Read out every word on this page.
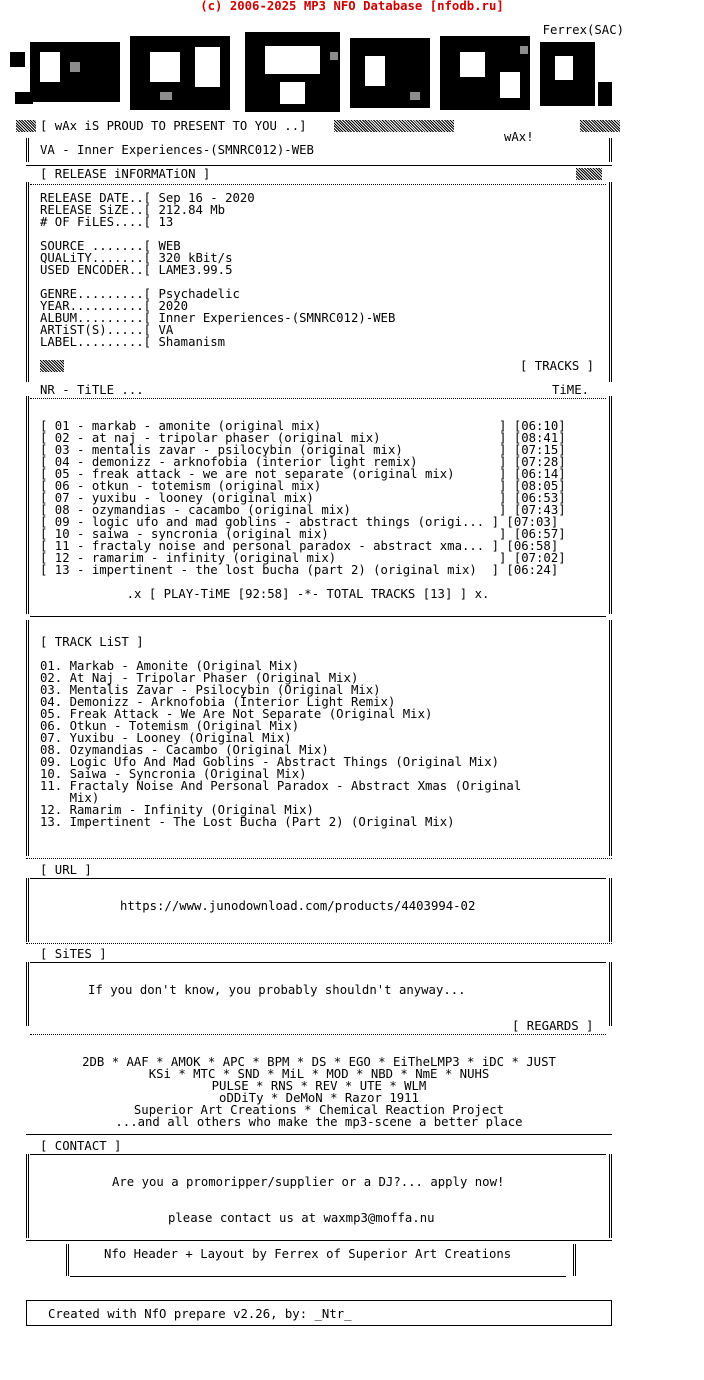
(c) 2006-2025 MP3 NFO Database [nfodb.ru]
Ferrex(SAC)
[ wAx iS PROUD TO PRESENT TO YOU ..]
wAx!
VA - Inner Experiences-(SMNRC012)-WEB
[ RELEASE iNFORMATiON ]
RELEASE DATE..[ Sep 16 - 2020
RELEASE SiZE..[ 212.84 Mb
# OF FiLES....[ 13

SOURCE .......[ WEB
QUALiTY.......[ 320 kBit/s
USED ENCODER..[ LAME3.99.5

GENRE.........[ Psychadelic
YEAR..........[ 2020
ALBUM.........[ Inner Experiences-(SMNRC012)-WEB
ARTiST(S).....[ VA
LABEL.........[ Shamanism
[ TRACKS ]
NR - TiTLE ...	TiME.
[ 01 - markab - amonite (original mix)                        ] [06:10]
[ 02 - at naj - tripolar phaser (original mix)                ] [08:41]
[ 03 - mentalis zavar - psilocybin (original mix)             ] [07:15]
[ 04 - demonizz - arknofobia (interior light remix)           ] [07:28]
[ 05 - freak attack - we are not separate (original mix)      ] [06:14]
[ 06 - otkun - totemism (original mix)                        ] [08:05]
[ 07 - yuxibu - looney (original mix)                         ] [06:53]
[ 08 - ozymandias - cacambo (original mix)                    ] [07:43]
[ 09 - logic ufo and mad goblins - abstract things (origi... ] [07:03]
[ 10 - saiwa - syncronia (original mix)                       ] [06:57]
[ 11 - fractaly noise and personal paradox - abstract xma... ] [06:58]
[ 12 - ramarim - infinity (original mix)                      ] [07:02]
[ 13 - impertinent - the lost bucha (part 2) (original mix)  ] [06:24]
.x [ PLAY-TiME [92:58] -*- TOTAL TRACKS [13] ] x.
[ TRACK LiST ]
01. Markab - Amonite (Original Mix)
02. At Naj - Tripolar Phaser (Original Mix)
03. Mentalis Zavar - Psilocybin (Original Mix)
04. Demonizz - Arknofobia (Interior Light Remix)
05. Freak Attack - We Are Not Separate (Original Mix)
06. Otkun - Totemism (Original Mix)
07. Yuxibu - Looney (Original Mix)
08. Ozymandias - Cacambo (Original Mix)
09. Logic Ufo And Mad Goblins - Abstract Things (Original Mix)
10. Saiwa - Syncronia (Original Mix)
11. Fractaly Noise And Personal Paradox - Abstract Xmas (Original
Mix)
12. Ramarim - Infinity (Original Mix)
13. Impertinent - The Lost Bucha (Part 2) (Original Mix)
[ URL ]
https://www.junodownload.com/products/4403994-02
[ SiTES ]
If you don't know, you probably shouldn't anyway...
[ REGARDS ]
2DB * AAF * AMOK * APC * BPM * DS * EGO * EiTheLMP3 * iDC * JUST
KSi * MTC * SND * MiL * MOD * NBD * NmE * NUHS
PULSE * RNS * REV * UTE * WLM
oDDiTy * DeMoN * Razor 1911
Superior Art Creations * Chemical Reaction Project
...and all others who make the mp3-scene a better place
[ CONTACT ]
Are you a promoripper/supplier or a DJ?... apply now!
please contact us at waxmp3@moffa.nu
Nfo Header + Layout by Ferrex of Superior Art Creations
Created with NfO prepare v2.26, by: _Ntr_
